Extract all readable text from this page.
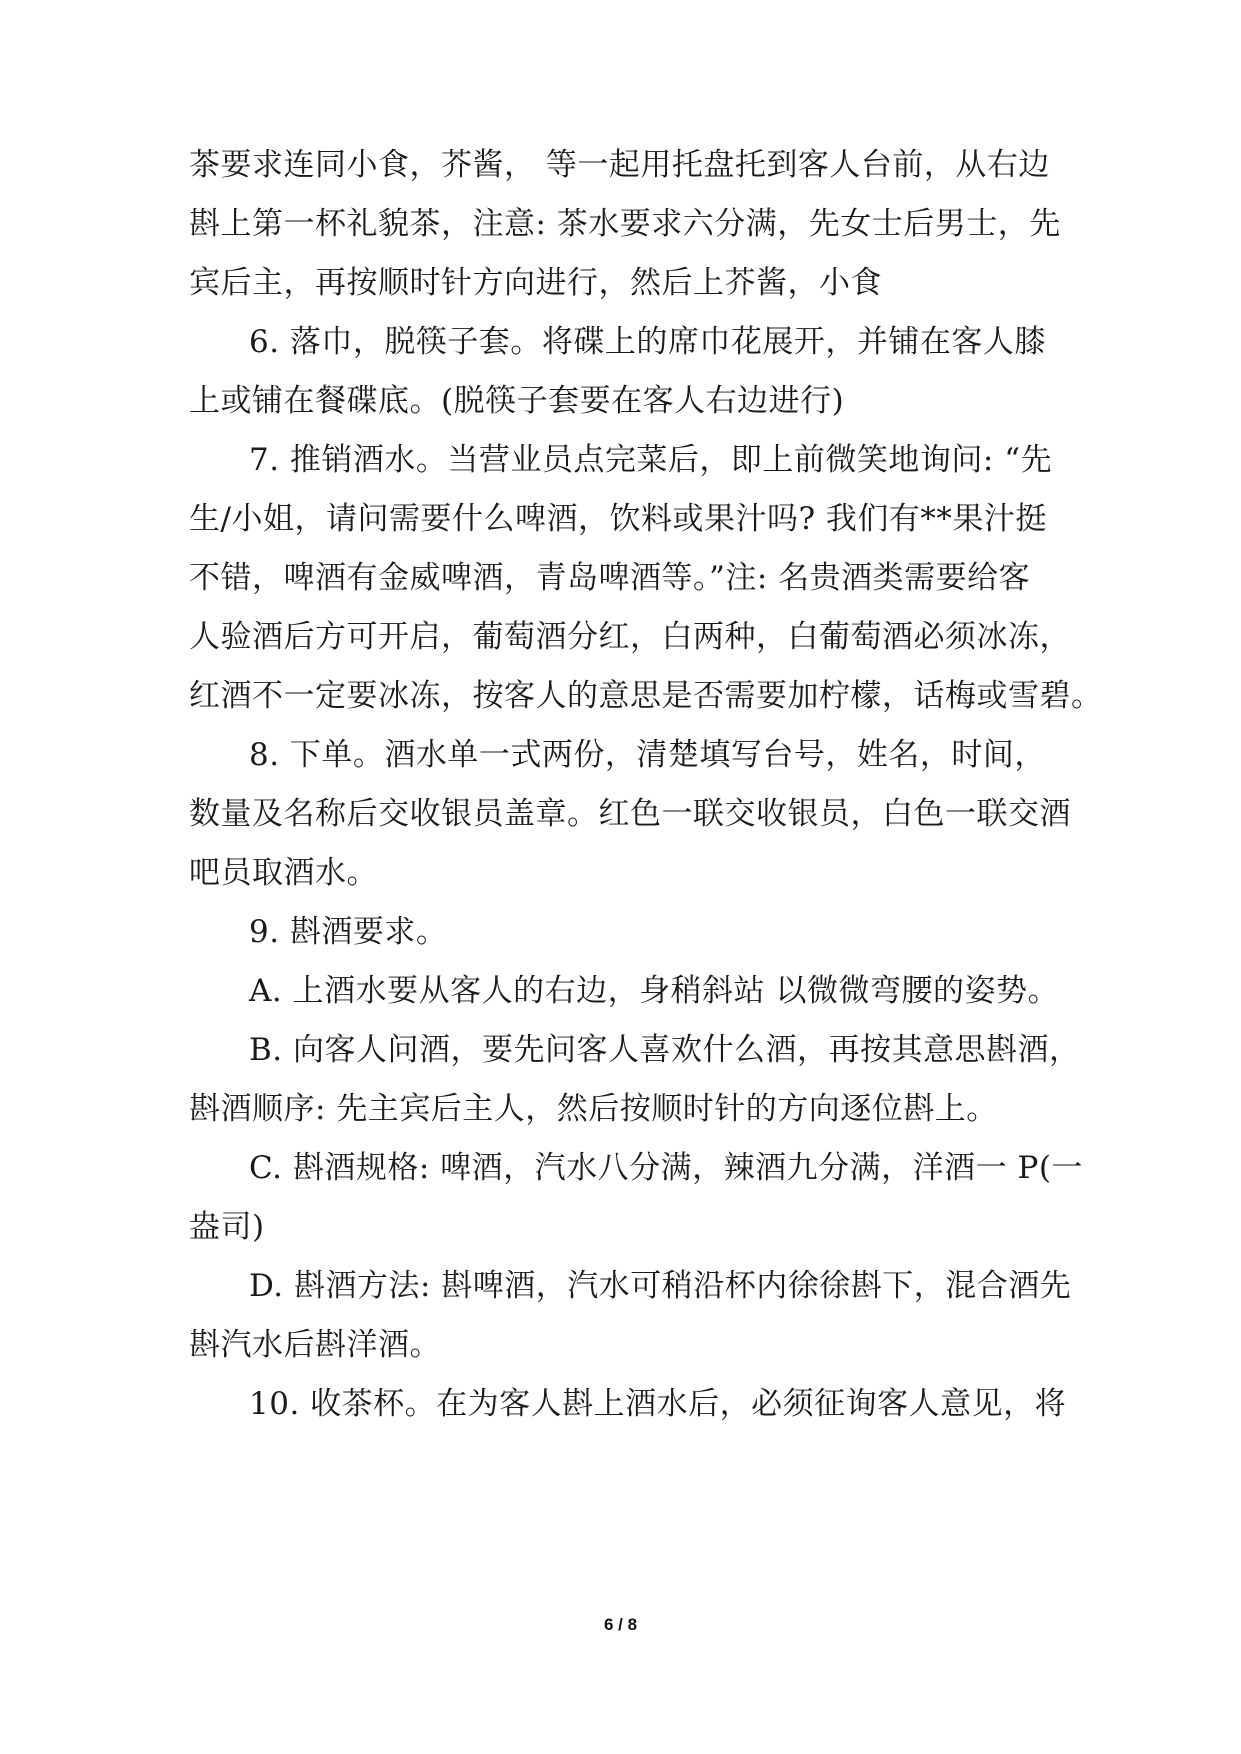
茶要求连同小食，芥酱， 等一起用托盘托到客人台前，从右边
斟上第一杯礼貌茶，注意: 茶水要求六分满，先女士后男士，先
宾后主，再按顺时针方向进行，然后上芥酱，小食
6. 落巾，脱筷子套。将碟上的席巾花展开，并铺在客人膝
上或铺在餐碟底。(脱筷子套要在客人右边进行)
7. 推销酒水。当营业员点完菜后，即上前微笑地询问: “先
生/小姐，请问需要什么啤酒，饮料或果汁吗? 我们有**果汁挺
不错，啤酒有金威啤酒，青岛啤酒等。”注: 名贵酒类需要给客
人验酒后方可开启，葡萄酒分红，白两种，白葡萄酒必须冰冻，
红酒不一定要冰冻，按客人的意思是否需要加柠檬，话梅或雪碧。
8. 下单。酒水单一式两份，清楚填写台号，姓名，时间，
数量及名称后交收银员盖章。红色一联交收银员，白色一联交酒
吧员取酒水。
9. 斟酒要求。
A. 上酒水要从客人的右边，身稍斜站 以微微弯腰的姿势。
B. 向客人问酒，要先问客人喜欢什么酒，再按其意思斟酒，
斟酒顺序: 先主宾后主人，然后按顺时针的方向逐位斟上。
C. 斟酒规格: 啤酒，汽水八分满，辣酒九分满，洋酒一 P(一
盎司)
D. 斟酒方法: 斟啤酒，汽水可稍沿杯内徐徐斟下，混合酒先
斟汽水后斟洋酒。
10. 收茶杯。在为客人斟上酒水后，必须征询客人意见，将
6 / 8
